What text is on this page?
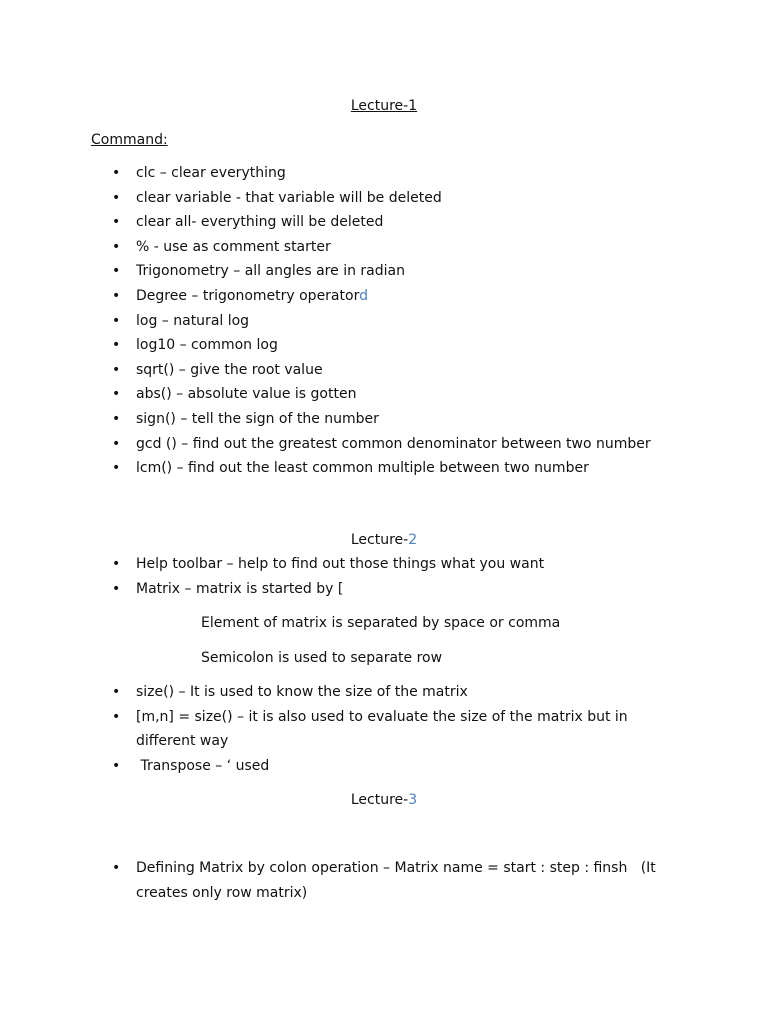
Lecture-1
Command:
• clc – clear everything
• clear variable - that variable will be deleted
• clear all- everything will be deleted
• % - use as comment starter
• Trigonometry – all angles are in radian
• Degree – trigonometry operatord
• log – natural log
• log10 – common log
• sqrt() – give the root value
• abs() – absolute value is gotten
• sign() – tell the sign of the number
• gcd () – find out the greatest common denominator between two number
• lcm() – find out the least common multiple between two number
Lecture-2
• Help toolbar – help to find out those things what you want
• Matrix – matrix is started by [
Element of matrix is separated by space or comma
Semicolon is used to separate row
• size() – It is used to know the size of the matrix
• [m,n] = size() – it is also used to evaluate the size of the matrix but in different way
• Transpose – ‘ used
Lecture-3
• Defining Matrix by colon operation – Matrix name = start : step : finsh   (It creates only row matrix)
